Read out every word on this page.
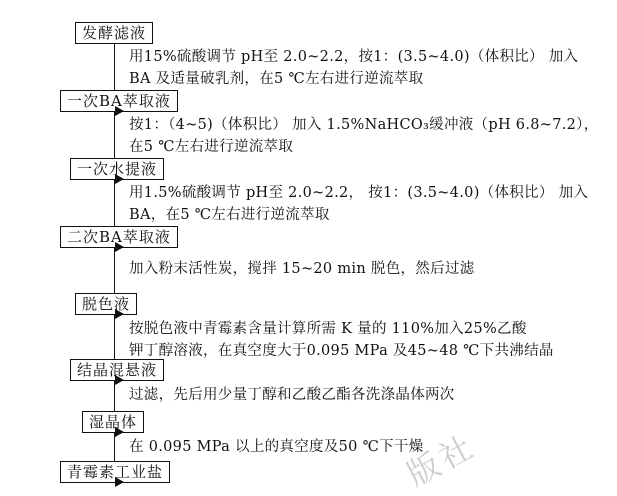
发酵滤液
一次BA萃取液
一次水提液
二次BA萃取液
脱色液
结晶混悬液
湿晶体
青霉素工业盐
用15%硫酸调节 pH至 2.0~2.2，按1：(3.5~4.0)（体积比） 加入
BA 及适量破乳剂，在5 ℃左右进行逆流萃取
按1：（4~5)（体积比） 加入 1.5%NaHCO₃缓冲液（pH 6.8~7.2），
在5 ℃左右进行逆流萃取
用1.5%硫酸调节 pH至 2.0~2.2， 按1：(3.5~4.0)（体积比） 加入
BA，在5 ℃左右进行逆流萃取
加入粉末活性炭，搅拌 15~20 min 脱色，然后过滤
按脱色液中青霉素含量计算所需 K 量的 110%加入25%乙酸
钾丁醇溶液，在真空度大于0.095 MPa 及45~48 ℃下共沸结晶
过滤，先后用少量丁醇和乙酸乙酯各洗涤晶体两次
在 0.095 MPa 以上的真空度及50 ℃下干燥
版社
